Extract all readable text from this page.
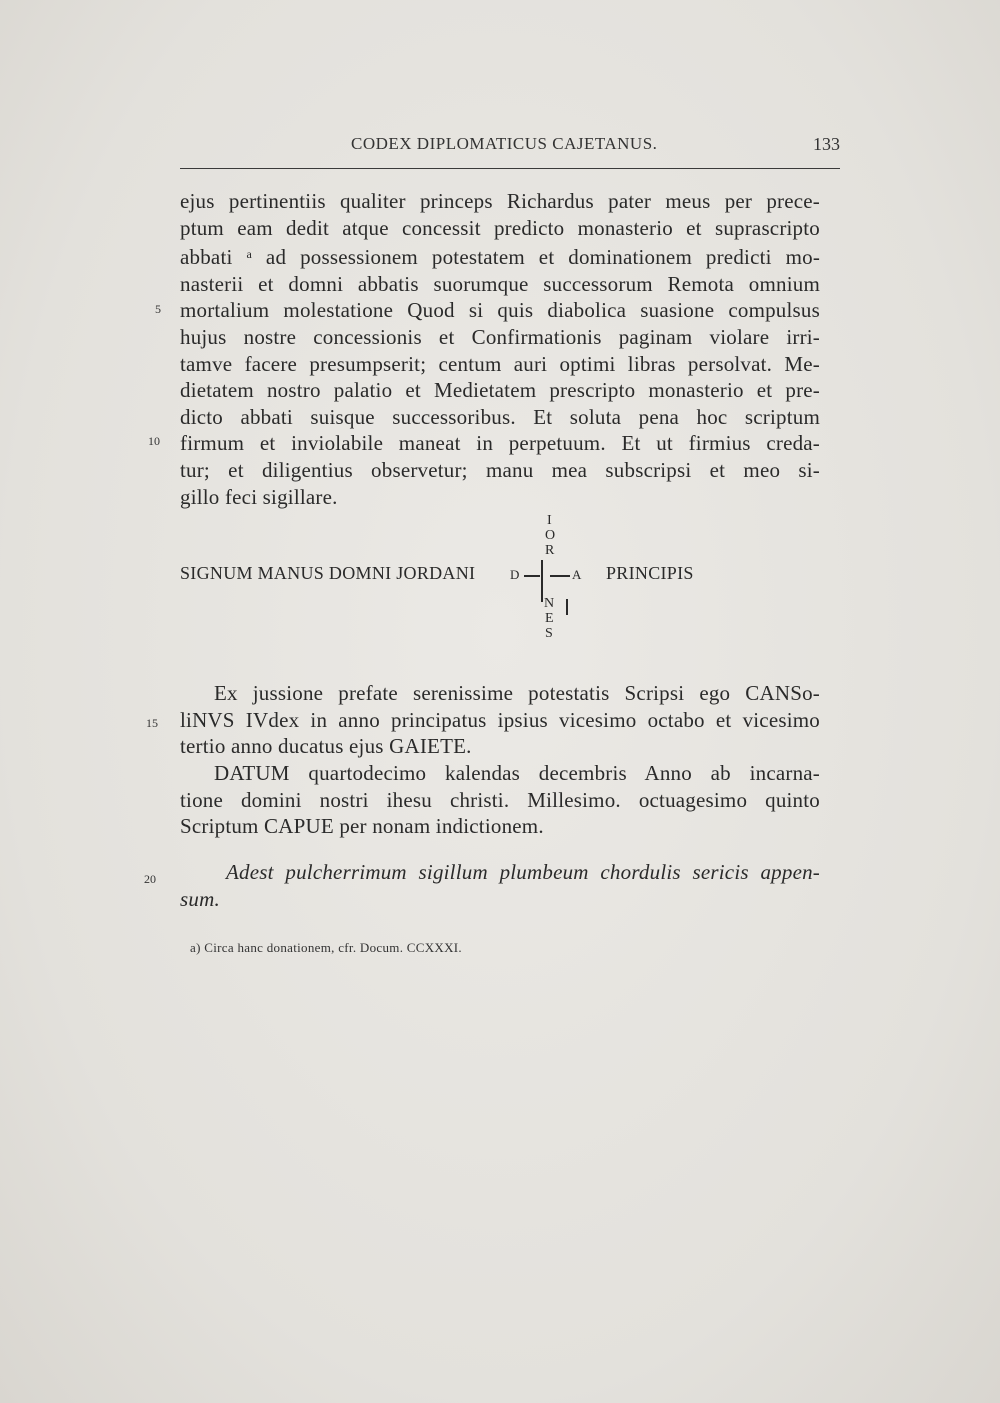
CODEX DIPLOMATICUS CAJETANUS.	133
ejus pertinentiis qualiter princeps Richardus pater meus per prece-
ptum eam dedit atque concessit predicto monasterio et suprascripto
abbati $^a$ ad possessionem potestatem et dominationem predicti mo-
nasterii et domni abbatis suorumque successorum Remota omnium
mortalium molestatione Quod si quis diabolica suasione compulsus
hujus nostre concessionis et Confirmationis paginam violare irri-
tamve facere presumpserit; centum auri optimi libras persolvat. Me-
dietatem nostro palatio et Medietatem prescripto monasterio et pre-
dicto abbati suisque successoribus. Et soluta pena hoc scriptum
firmum et inviolabile maneat in perpetuum. Et ut firmius creda-
tur; et diligentius observetur; manu mea subscripsi et meo si-
gillo feci sigillare.
5
10
15
20
SIGNUM MANUS DOMNI JORDANI	D	A PRINCIPIS
I
O
R
N
E
S
Ex jussione prefate serenissime potestatis Scripsi ego CANSo-
liNVS IVdex in anno principatus ipsius vicesimo octabo et vicesimo
tertio anno ducatus ejus GAIETE.
DATUM quartodecimo kalendas decembris Anno ab incarna-
tione domini nostri ihesu christi. Millesimo. octuagesimo quinto
Scriptum CAPUE per nonam indictionem.
Adest pulcherrimum sigillum plumbeum chordulis sericis appen-
sum.
a) Circa hanc donationem, cfr. Docum. CCXXXI.
